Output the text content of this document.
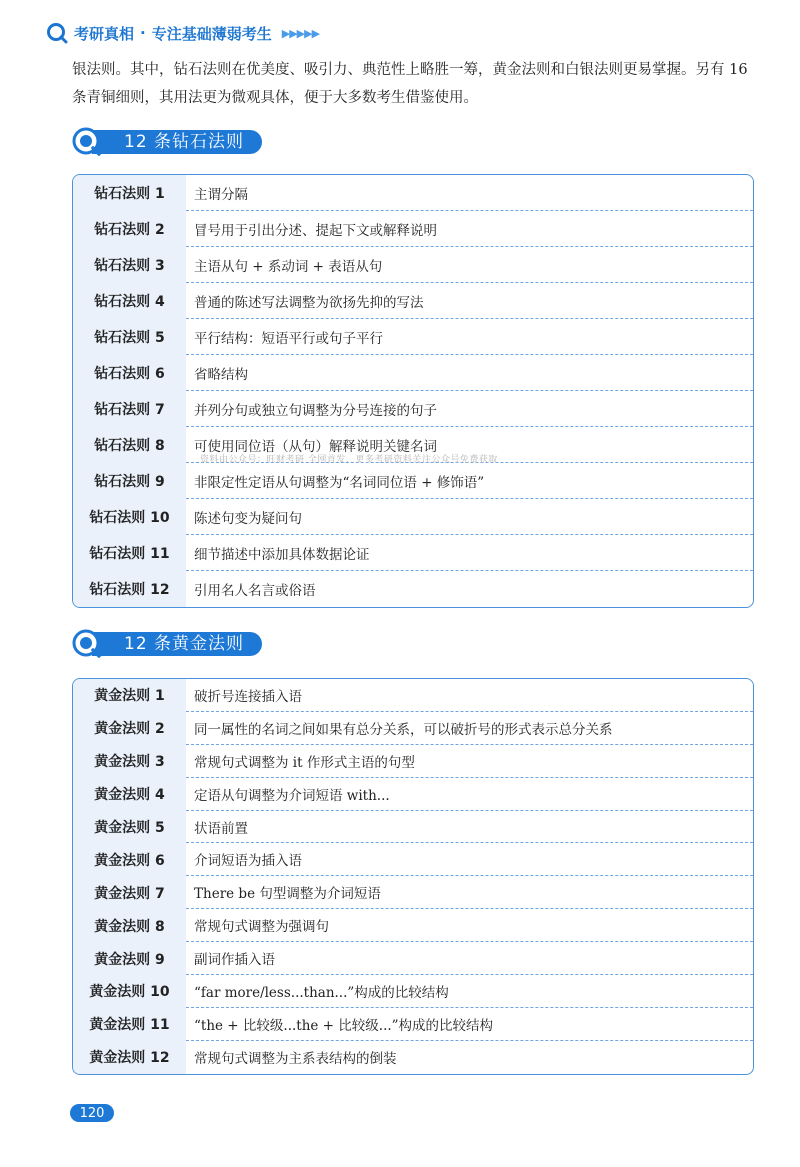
考研真相 · 专注基础薄弱考生 ▶▶▶▶▶

银法则。其中，钻石法则在优美度、吸引力、典范性上略胜一筹，黄金法则和白银法则更易掌握。另有 16 条青铜细则，其用法更为微观具体，便于大多数考生借鉴使用。

12 条钻石法则
钻石法则 1	主谓分隔
钻石法则 2	冒号用于引出分述、提起下文或解释说明
钻石法则 3	主语从句 + 系动词 + 表语从句
钻石法则 4	普通的陈述写法调整为欲扬先抑的写法
钻石法则 5	平行结构：短语平行或句子平行
钻石法则 6	省略结构
钻石法则 7	并列分句或独立句调整为分号连接的句子
钻石法则 8	可使用同位语（从句）解释说明关键名词
钻石法则 9	非限定性定语从句调整为“名词同位语 + 修饰语”
钻石法则 10	陈述句变为疑问句
钻石法则 11	细节描述中添加具体数据论证
钻石法则 12	引用名人名言或俗语
资料由公众号：旺财考研 全网首发，更多考研资料关注公众号免费获取
12 条黄金法则
黄金法则 1	破折号连接插入语
黄金法则 2	同一属性的名词之间如果有总分关系，可以破折号的形式表示总分关系
黄金法则 3	常规句式调整为 it 作形式主语的句型
黄金法则 4	定语从句调整为介词短语 with...
黄金法则 5	状语前置
黄金法则 6	介词短语为插入语
黄金法则 7	There be 句型调整为介词短语
黄金法则 8	常规句式调整为强调句
黄金法则 9	副词作插入语
黄金法则 10	“far more/less...than...”构成的比较结构
黄金法则 11	“the + 比较级...the + 比较级...”构成的比较结构
黄金法则 12	常规句式调整为主系表结构的倒装
120
